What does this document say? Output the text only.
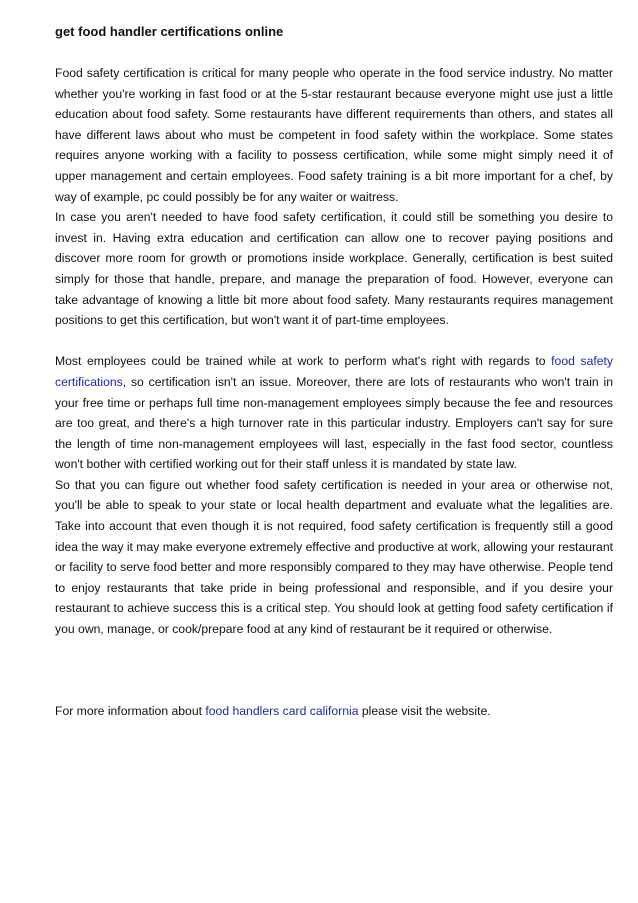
get food handler certifications online

Food safety certification is critical for many people who operate in the food service industry. No matter whether you're working in fast food or at the 5-star restaurant because everyone might use just a little education about food safety. Some restaurants have different requirements than others, and states all have different laws about who must be competent in food safety within the workplace. Some states requires anyone working with a facility to possess certification, while some might simply need it of upper management and certain employees. Food safety training is a bit more important for a chef, by way of example, pc could possibly be for any waiter or waitress.

In case you aren't needed to have food safety certification, it could still be something you desire to invest in. Having extra education and certification can allow one to recover paying positions and discover more room for growth or promotions inside workplace. Generally, certification is best suited simply for those that handle, prepare, and manage the preparation of food. However, everyone can take advantage of knowing a little bit more about food safety. Many restaurants requires management positions to get this certification, but won't want it of part-time employees.

Most employees could be trained while at work to perform what's right with regards to food safety certifications, so certification isn't an issue. Moreover, there are lots of restaurants who won't train in your free time or perhaps full time non-management employees simply because the fee and resources are too great, and there's a high turnover rate in this particular industry. Employers can't say for sure the length of time non-management employees will last, especially in the fast food sector, countless won't bother with certified working out for their staff unless it is mandated by state law.

So that you can figure out whether food safety certification is needed in your area or otherwise not, you'll be able to speak to your state or local health department and evaluate what the legalities are. Take into account that even though it is not required, food safety certification is frequently still a good idea the way it may make everyone extremely effective and productive at work, allowing your restaurant or facility to serve food better and more responsibly compared to they may have otherwise. People tend to enjoy restaurants that take pride in being professional and responsible, and if you desire your restaurant to achieve success this is a critical step. You should look at getting food safety certification if you own, manage, or cook/prepare food at any kind of restaurant be it required or otherwise.

For more information about food handlers card california please visit the website.
